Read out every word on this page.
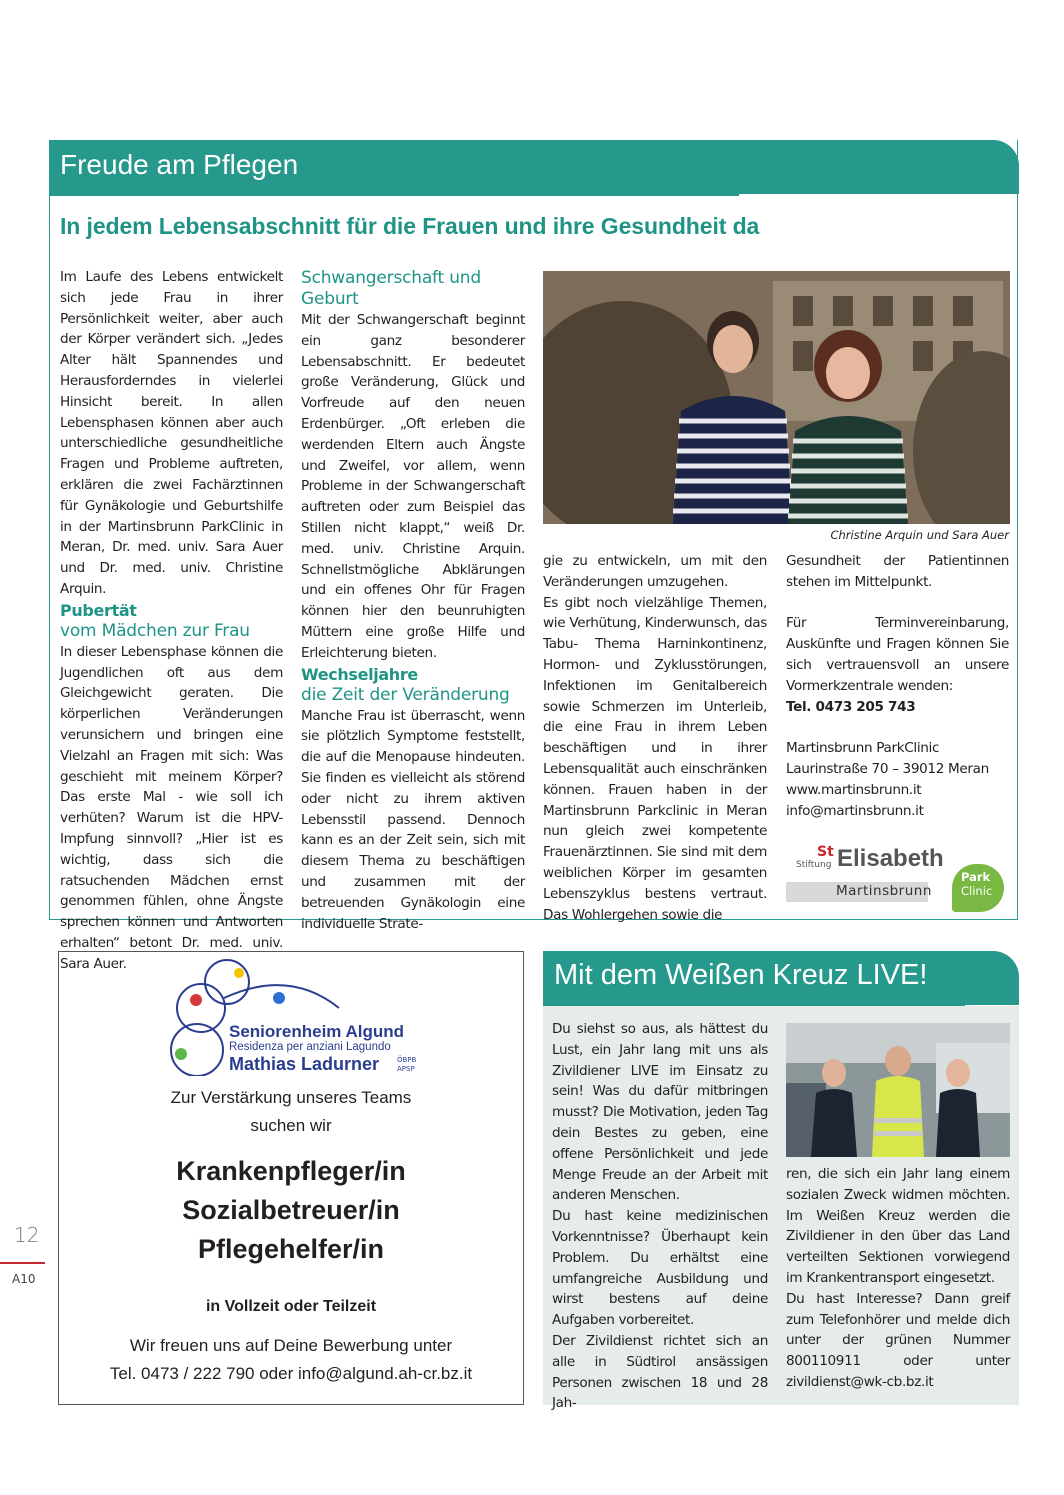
Freude am Pflegen
In jedem Lebensabschnitt für die Frauen und ihre Gesundheit da

Im Laufe des Lebens entwickelt sich jede Frau in ihrer Persönlichkeit weiter, aber auch der Körper verändert sich. „Jedes Alter hält Spannendes und Herausforderndes in vielerlei Hinsicht bereit. In allen Lebensphasen können aber auch unterschiedliche gesundheitliche Fragen und Probleme auftreten, erklären die zwei Fachärztinnen für Gynäkologie und Geburtshilfe in der Martinsbrunn ParkClinic in Meran, Dr. med. univ. Sara Auer und Dr. med. univ. Christine Arquin.

Pubertät
vom Mädchen zur Frau

In dieser Lebensphase können die Jugendlichen oft aus dem Gleichgewicht geraten. Die körperlichen Veränderungen verunsichern und bringen eine Vielzahl an Fragen mit sich: Was geschieht mit meinem Körper? Das erste Mal - wie soll ich verhüten? Warum ist die HPV-Impfung sinnvoll? „Hier ist es wichtig, dass sich die ratsuchenden Mädchen ernst genommen fühlen, ohne Ängste sprechen können und Antworten erhalten“ betont Dr. med. univ. Sara Auer.

Schwangerschaft und Geburt

Mit der Schwangerschaft beginnt ein ganz besonderer Lebensabschnitt. Er bedeutet große Veränderung, Glück und Vorfreude auf den neuen Erdenbürger. „Oft erleben die werdenden Eltern auch Ängste und Zweifel, vor allem, wenn Probleme in der Schwangerschaft auftreten oder zum Beispiel das Stillen nicht klappt,“ weiß Dr. med. univ. Christine Arquin. Schnellstmögliche Abklärungen und ein offenes Ohr für Fragen können hier den beunruhigten Müttern eine große Hilfe und Erleichterung bieten.

Wechseljahre
die Zeit der Veränderung

Manche Frau ist überrascht, wenn sie plötzlich Symptome feststellt, die auf die Menopause hindeuten. Sie finden es vielleicht als störend oder nicht zu ihrem aktiven Lebensstil passend. Dennoch kann es an der Zeit sein, sich mit diesem Thema zu beschäftigen und zusammen mit der betreuenden Gynäkologin eine individuelle Strate-

Christine Arquin und Sara Auer

gie zu entwickeln, um mit den Veränderungen umzugehen.

Es gibt noch vielzählige Themen, wie Verhütung, Kinderwunsch, das Tabu- Thema Harninkontinenz, Hormon- und Zyklusstörungen, Infektionen im Genitalbereich sowie Schmerzen im Unterleib, die eine Frau in ihrem Leben beschäftigen und in ihrer Lebensqualität auch einschränken können. Frauen haben in der Martinsbrunn Parkclinic in Meran nun gleich zwei kompetente Frauenärztinnen. Sie sind mit dem weiblichen Körper im gesamten Lebenszyklus bestens vertraut. Das Wohlergehen sowie die

Gesundheit der Patientinnen stehen im Mittelpunkt.

Für Terminvereinbarung, Auskünfte und Fragen können Sie sich vertrauensvoll an unsere Vormerkzentrale wenden:

Tel. 0473 205 743

Martinsbrunn ParkClinic

Laurinstraße 70 – 39012 Meran

www.martinsbrunn.it

info@martinsbrunn.it

Stiftung
St Elisabeth
Martinsbrunn
Park
Clinic
Seniorenheim Algund
Residenza per anziani Lagundo
Mathias Ladurner	ÖBPB
APSP
Zur Verstärkung unseres Teams
suchen wir
Krankenpfleger/in
Sozialbetreuer/in
Pflegehelfer/in
in Vollzeit oder Teilzeit
Wir freuen uns auf Deine Bewerbung unter
Tel. 0473 / 222 790 oder info@algund.ah-cr.bz.it
12
A10
Mit dem Weißen Kreuz LIVE!

Du siehst so aus, als hättest du Lust, ein Jahr lang mit uns als Zivildiener LIVE im Einsatz zu sein! Was du dafür mitbringen musst? Die Motivation, jeden Tag dein Bestes zu geben, eine offene Persönlichkeit und jede Menge Freude an der Arbeit mit anderen Menschen.

Du hast keine medizinischen Vorkenntnisse? Überhaupt kein Problem. Du erhältst eine umfangreiche Ausbildung und wirst bestens auf deine Aufgaben vorbereitet.

Der Zivildienst richtet sich an alle in Südtirol ansässigen Personen zwischen 18 und 28 Jah-

ren, die sich ein Jahr lang einem sozialen Zweck widmen möchten. Im Weißen Kreuz werden die Zivildiener in den über das Land verteilten Sektionen vorwiegend im Krankentransport eingesetzt.

Du hast Interesse? Dann greif zum Telefonhörer und melde dich unter der grünen Nummer 800110911 oder unter zivildienst@wk-cb.bz.it
